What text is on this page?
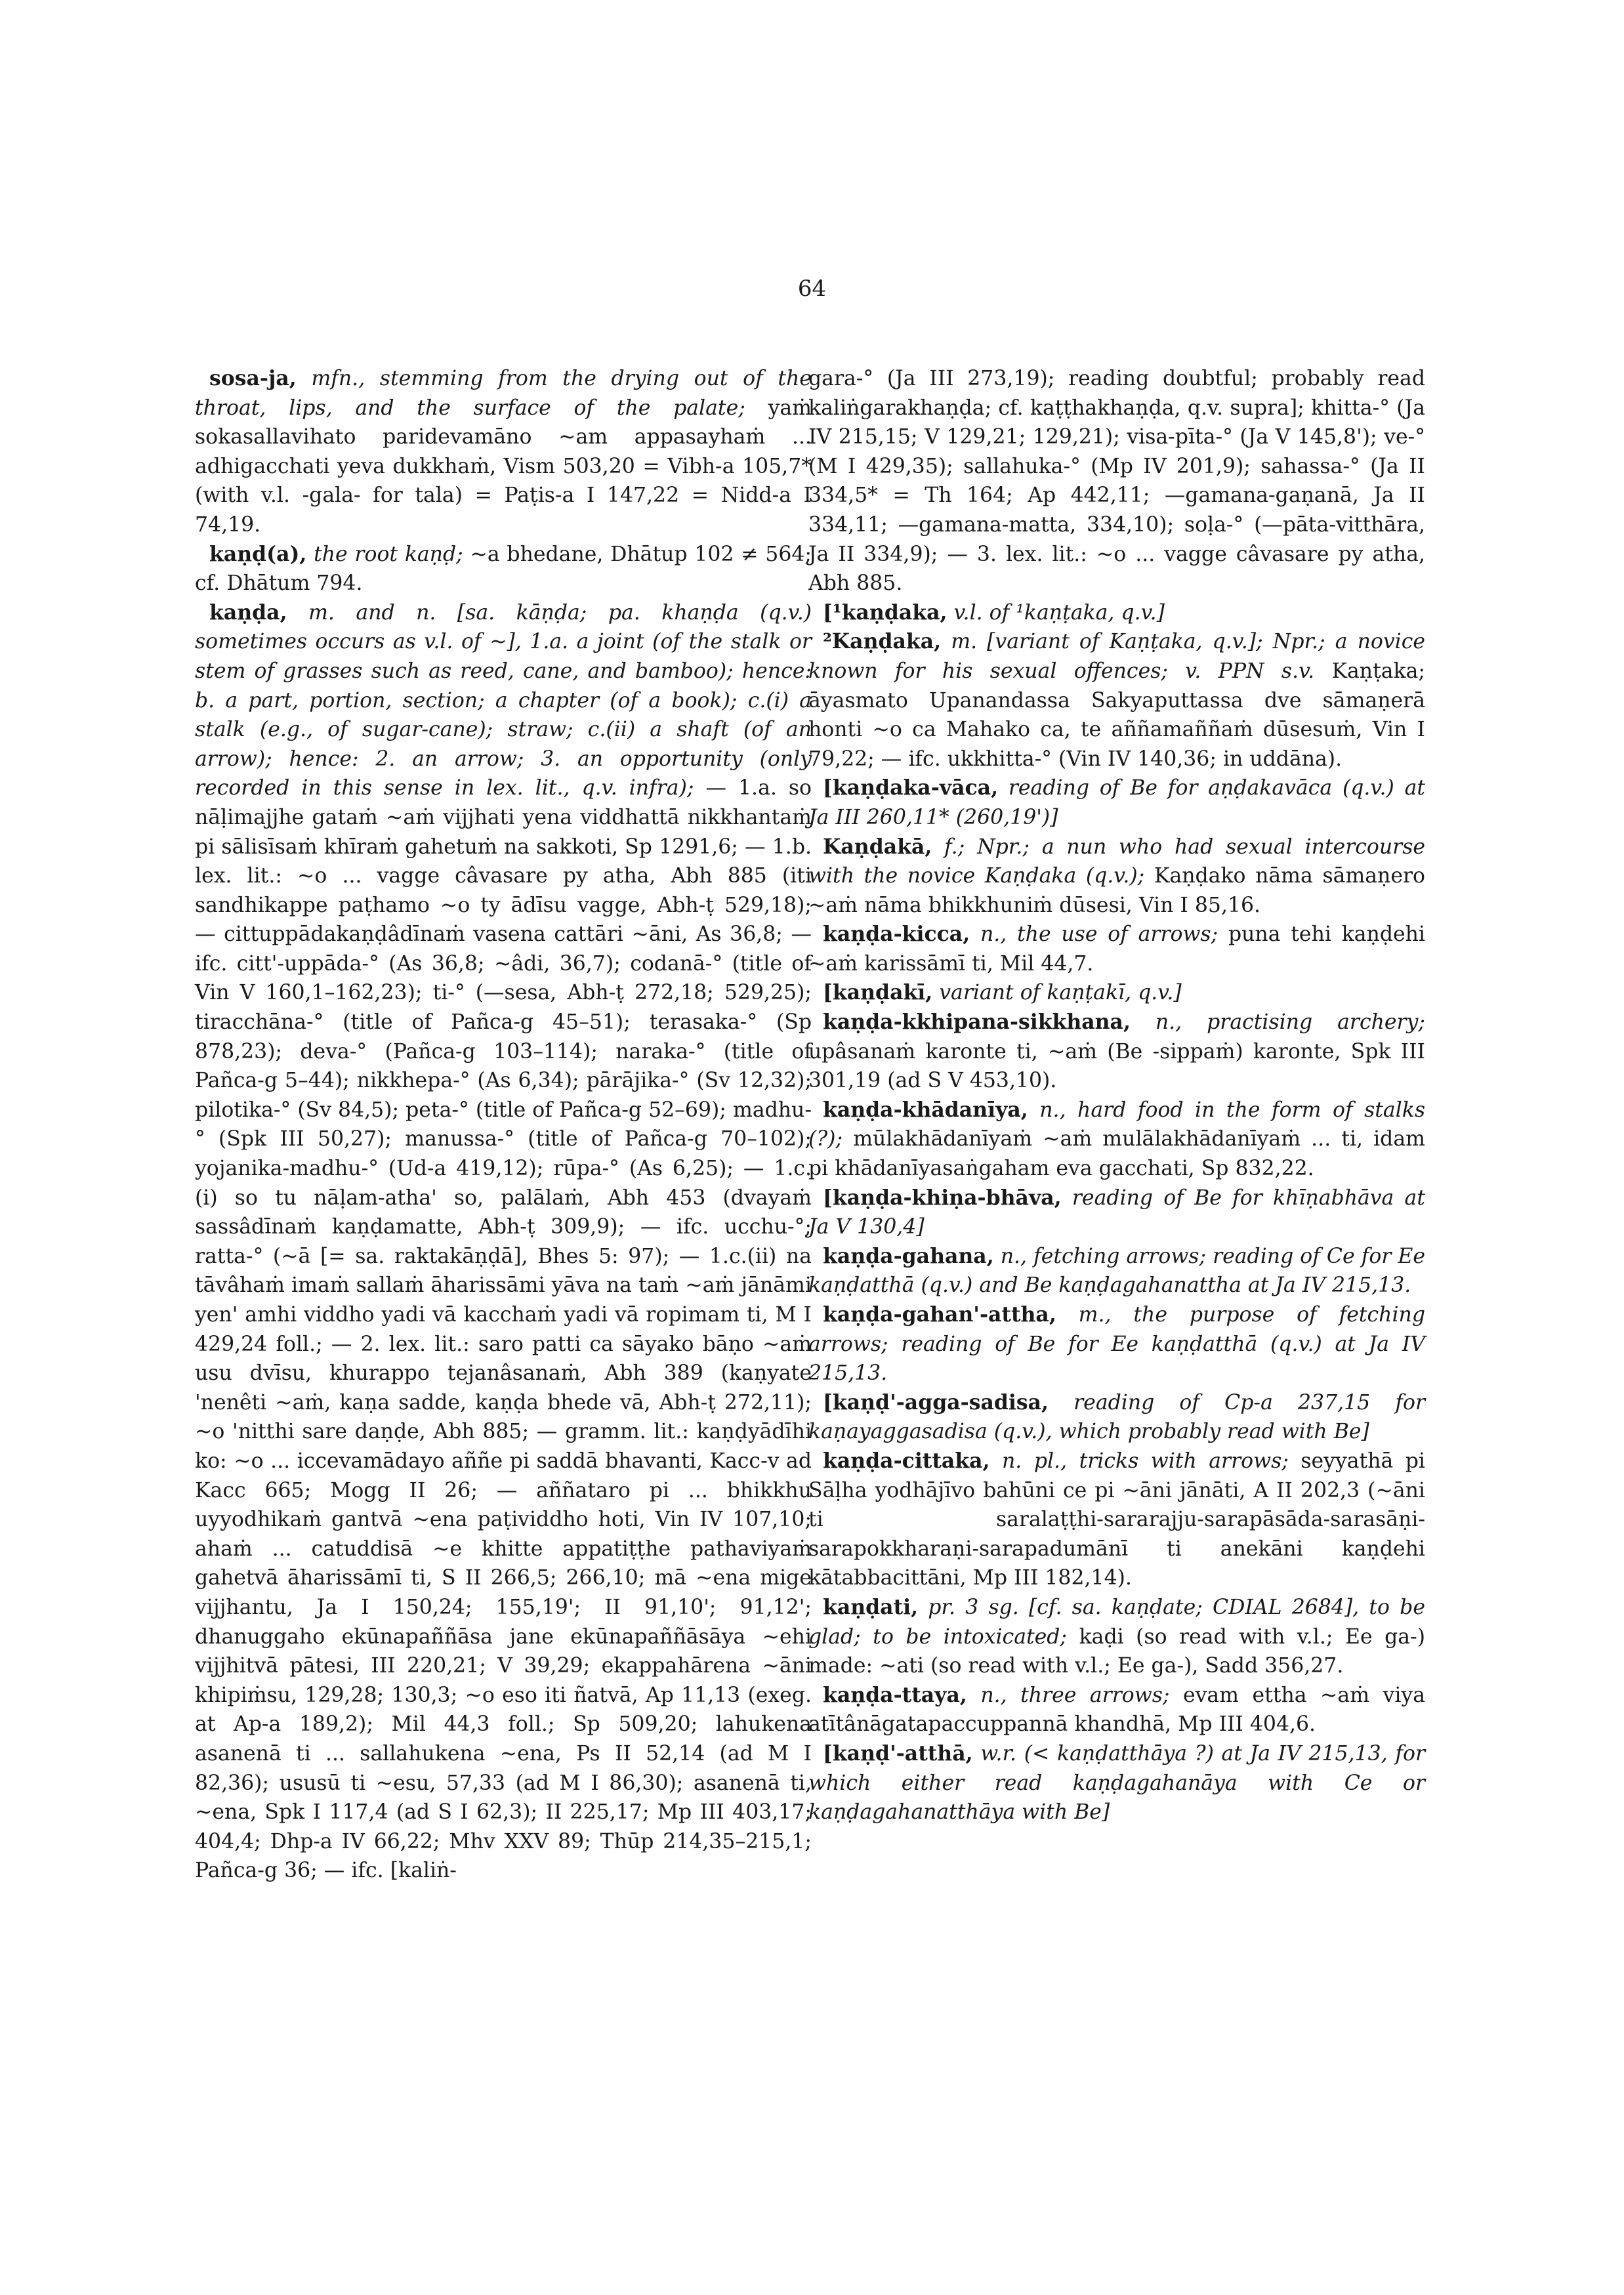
64

sosa-ja, mfn., stemming from the drying out of the throat, lips, and the surface of the palate; yaṁ sokasallavihato paridevamāno ~am appasayhaṁ ... adhigacchati yeva dukkhaṁ, Vism 503,20 = Vibh-a 105,7* (with v.l. -gala- for tala) = Paṭis-a I 147,22 = Nidd-a I 74,19.

kaṇḍ(a), the root kaṇḍ; ~a bhedane, Dhātup 102 ≠ 564; cf. Dhātum 794.

kaṇḍa, m. and n. [sa. kāṇḍa; pa. khaṇḍa (q.v.) sometimes occurs as v.l. of ~], 1.a. a joint (of the stalk or stem of grasses such as reed, cane, and bamboo); hence: b. a part, portion, section; a chapter (of a book); c.(i) a stalk (e.g., of sugar-cane); straw; c.(ii) a shaft (of an arrow); hence: 2. an arrow; 3. an opportunity (only recorded in this sense in lex. lit., q.v. infra); — 1.a. so nāḷimajjhe gataṁ ~aṁ vijjhati yena viddhattā nikkhantaṁ pi sālisīsaṁ khīraṁ gahetuṁ na sakkoti, Sp 1291,6; — 1.b. lex. lit.: ~o ... vagge câvasare py atha, Abh 885 (iti sandhikappe paṭhamo ~o ty ādīsu vagge, Abh-ṭ 529,18); — cittuppādakaṇḍâdīnaṁ vasena cattāri ~āni, As 36,8; — ifc. citt'-uppāda-° (As 36,8; ~âdi, 36,7); codanā-° (title of Vin V 160,1–162,23); ti-° (—sesa, Abh-ṭ 272,18; 529,25); tiracchāna-° (title of Pañca-g 45–51); terasaka-° (Sp 878,23); deva-° (Pañca-g 103–114); naraka-° (title of Pañca-g 5–44); nikkhepa-° (As 6,34); pārājika-° (Sv 12,32); pilotika-° (Sv 84,5); peta-° (title of Pañca-g 52–69); madhu-° (Spk III 50,27); manussa-° (title of Pañca-g 70–102); yojanika-madhu-° (Ud-a 419,12); rūpa-° (As 6,25); — 1.c.(i) so tu nāḷam-atha' so, palālaṁ, Abh 453 (dvayaṁ sassâdīnaṁ kaṇḍamatte, Abh-ṭ 309,9); — ifc. ucchu-°; ratta-° (~ā [= sa. raktakāṇḍā], Bhes 5: 97); — 1.c.(ii) na tāvâhaṁ imaṁ sallaṁ āharissāmi yāva na taṁ ~aṁ jānāmi yen' amhi viddho yadi vā kacchaṁ yadi vā ropimam ti, M I 429,24 foll.; — 2. lex. lit.: saro patti ca sāyako bāṇo ~aṁ usu dvīsu, khurappo tejanâsanaṁ, Abh 389 (kaṇyate 'nenêti ~aṁ, kaṇa sadde, kaṇḍa bhede vā, Abh-ṭ 272,11); ~o 'nitthi sare daṇḍe, Abh 885; — gramm. lit.: kaṇḍyādīhi ko: ~o ... iccevamādayo aññe pi saddā bhavanti, Kacc-v ad Kacc 665; Mogg II 26; — aññataro pi ... bhikkhu uyyodhikaṁ gantvā ~ena paṭividdho hoti, Vin IV 107,10; ahaṁ ... catuddisā ~e khitte appatiṭṭhe pathaviyaṁ gahetvā āharissāmī ti, S II 266,5; 266,10; mā ~ena mige vijjhantu, Ja I 150,24; 155,19'; II 91,10'; 91,12'; dhanuggaho ekūnapaññāsa jane ekūnapaññāsāya ~ehi vijjhitvā pātesi, III 220,21; V 39,29; ekappahārena ~āni khipiṁsu, 129,28; 130,3; ~o eso iti ñatvā, Ap 11,13 (exeg. at Ap-a 189,2); Mil 44,3 foll.; Sp 509,20; lahukena asanenā ti ... sallahukena ~ena, Ps II 52,14 (ad M I 82,36); ususū ti ~esu, 57,33 (ad M I 86,30); asanenā ti, ~ena, Spk I 117,4 (ad S I 62,3); II 225,17; Mp III 403,17; 404,4; Dhp-a IV 66,22; Mhv XXV 89; Thūp 214,35–215,1; Pañca-g 36; — ifc. [kaliṅ-

gara-° (Ja III 273,19); reading doubtful; probably read kaliṅgarakhaṇḍa; cf. kaṭṭhakhaṇḍa, q.v. supra]; khitta-° (Ja IV 215,15; V 129,21; 129,21); visa-pīta-° (Ja V 145,8'); ve-° (M I 429,35); sallahuka-° (Mp IV 201,9); sahassa-° (Ja II 334,5* = Th 164; Ap 442,11; —gamana-gaṇanā, Ja II 334,11; —gamana-matta, 334,10); soḷa-° (—pāta-vitthāra, Ja II 334,9); — 3. lex. lit.: ~o ... vagge câvasare py atha, Abh 885.

[¹kaṇḍaka, v.l. of ¹kaṇṭaka, q.v.]

²Kaṇḍaka, m. [variant of Kaṇṭaka, q.v.]; Npr.; a novice known for his sexual offences; v. PPN s.v. Kaṇṭaka; āyasmato Upanandassa Sakyaputtassa dve sāmaṇerā honti ~o ca Mahako ca, te aññamaññaṁ dūsesuṁ, Vin I 79,22; — ifc. ukkhitta-° (Vin IV 140,36; in uddāna).

[kaṇḍaka-vāca, reading of Be for aṇḍakavāca (q.v.) at Ja III 260,11* (260,19')]

Kaṇḍakā, f.; Npr.; a nun who had sexual intercourse with the novice Kaṇḍaka (q.v.); Kaṇḍako nāma sāmaṇero ~aṁ nāma bhikkhuniṁ dūsesi, Vin I 85,16.

kaṇḍa-kicca, n., the use of arrows; puna tehi kaṇḍehi ~aṁ karissāmī ti, Mil 44,7.

[kaṇḍakī, variant of kaṇṭakī, q.v.]

kaṇḍa-kkhipana-sikkhana, n., practising archery; upâsanaṁ karonte ti, ~aṁ (Be -sippaṁ) karonte, Spk III 301,19 (ad S V 453,10).

kaṇḍa-khādanīya, n., hard food in the form of stalks (?); mūlakhādanīyaṁ ~aṁ mulālakhādanīyaṁ ... ti, idam pi khādanīyasaṅgaham eva gacchati, Sp 832,22.

[kaṇḍa-khiṇa-bhāva, reading of Be for khīṇabhāva at Ja V 130,4]

kaṇḍa-gahana, n., fetching arrows; reading of Ce for Ee kaṇḍatthā (q.v.) and Be kaṇḍagahanattha at Ja IV 215,13.

kaṇḍa-gahan'-attha, m., the purpose of fetching arrows; reading of Be for Ee kaṇḍatthā (q.v.) at Ja IV 215,13.

[kaṇḍ'-agga-sadisa, reading of Cp-a 237,15 for kaṇayaggasadisa (q.v.), which probably read with Be]

kaṇḍa-cittaka, n. pl., tricks with arrows; seyyathā pi Sāḷha yodhājīvo bahūni ce pi ~āni jānāti, A II 202,3 (~āni ti saralaṭṭhi-sararajju-sarapāsāda-sarasāṇi-sarapokkharaṇi-sarapadumānī ti anekāni kaṇḍehi kātabbacittāni, Mp III 182,14).

kaṇḍati, pr. 3 sg. [cf. sa. kaṇḍate; CDIAL 2684], to be glad; to be intoxicated; kaḍi (so read with v.l.; Ee ga-) made: ~ati (so read with v.l.; Ee ga-), Sadd 356,27.

kaṇḍa-ttaya, n., three arrows; evam ettha ~aṁ viya atītânāgatapaccuppannā khandhā, Mp III 404,6.

[kaṇḍ'-atthā, w.r. (< kaṇḍatthāya ?) at Ja IV 215,13, for which either read kaṇḍagahanāya with Ce or kaṇḍagahanatthāya with Be]
